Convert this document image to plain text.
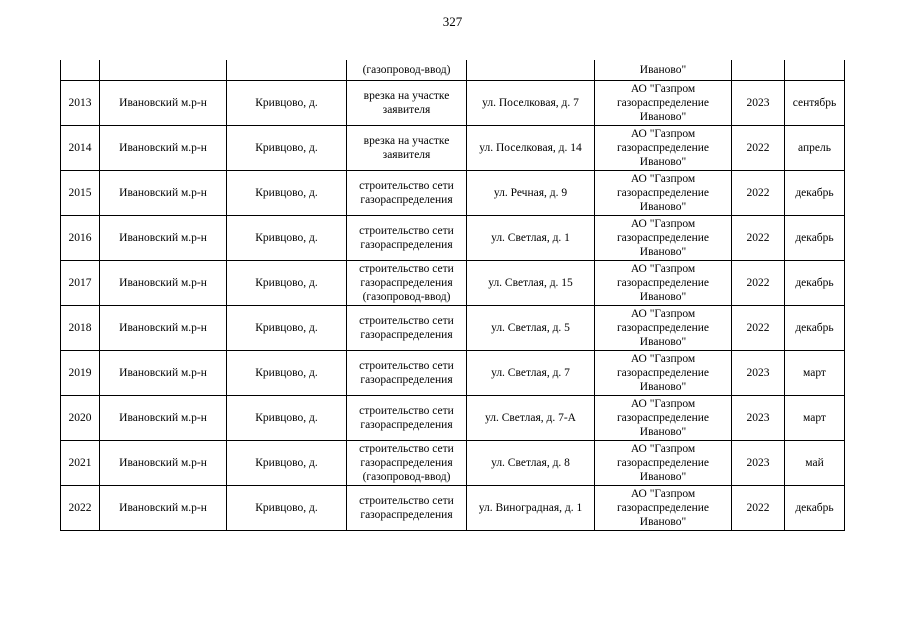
327
			(газопровод-ввод)		Иваново"		
2013	Ивановский м.р-н	Кривцово, д.	врезка на участке заявителя	ул. Поселковая, д. 7	АО "Газпром газораспределение Иваново"	2023	сентябрь
2014	Ивановский м.р-н	Кривцово, д.	врезка на участке заявителя	ул. Поселковая, д. 14	АО "Газпром газораспределение Иваново"	2022	апрель
2015	Ивановский м.р-н	Кривцово, д.	строительство сети газораспределения	ул. Речная, д. 9	АО "Газпром газораспределение Иваново"	2022	декабрь
2016	Ивановский м.р-н	Кривцово, д.	строительство сети газораспределения	ул. Светлая, д. 1	АО "Газпром газораспределение Иваново"	2022	декабрь
2017	Ивановский м.р-н	Кривцово, д.	строительство сети газораспределения (газопровод-ввод)	ул. Светлая, д. 15	АО "Газпром газораспределение Иваново"	2022	декабрь
2018	Ивановский м.р-н	Кривцово, д.	строительство сети газораспределения	ул. Светлая, д. 5	АО "Газпром газораспределение Иваново"	2022	декабрь
2019	Ивановский м.р-н	Кривцово, д.	строительство сети газораспределения	ул. Светлая, д. 7	АО "Газпром газораспределение Иваново"	2023	март
2020	Ивановский м.р-н	Кривцово, д.	строительство сети газораспределения	ул. Светлая, д. 7-А	АО "Газпром газораспределение Иваново"	2023	март
2021	Ивановский м.р-н	Кривцово, д.	строительство сети газораспределения (газопровод-ввод)	ул. Светлая, д. 8	АО "Газпром газораспределение Иваново"	2023	май
2022	Ивановский м.р-н	Кривцово, д.	строительство сети газораспределения	ул. Виноградная, д. 1	АО "Газпром газораспределение Иваново"	2022	декабрь
